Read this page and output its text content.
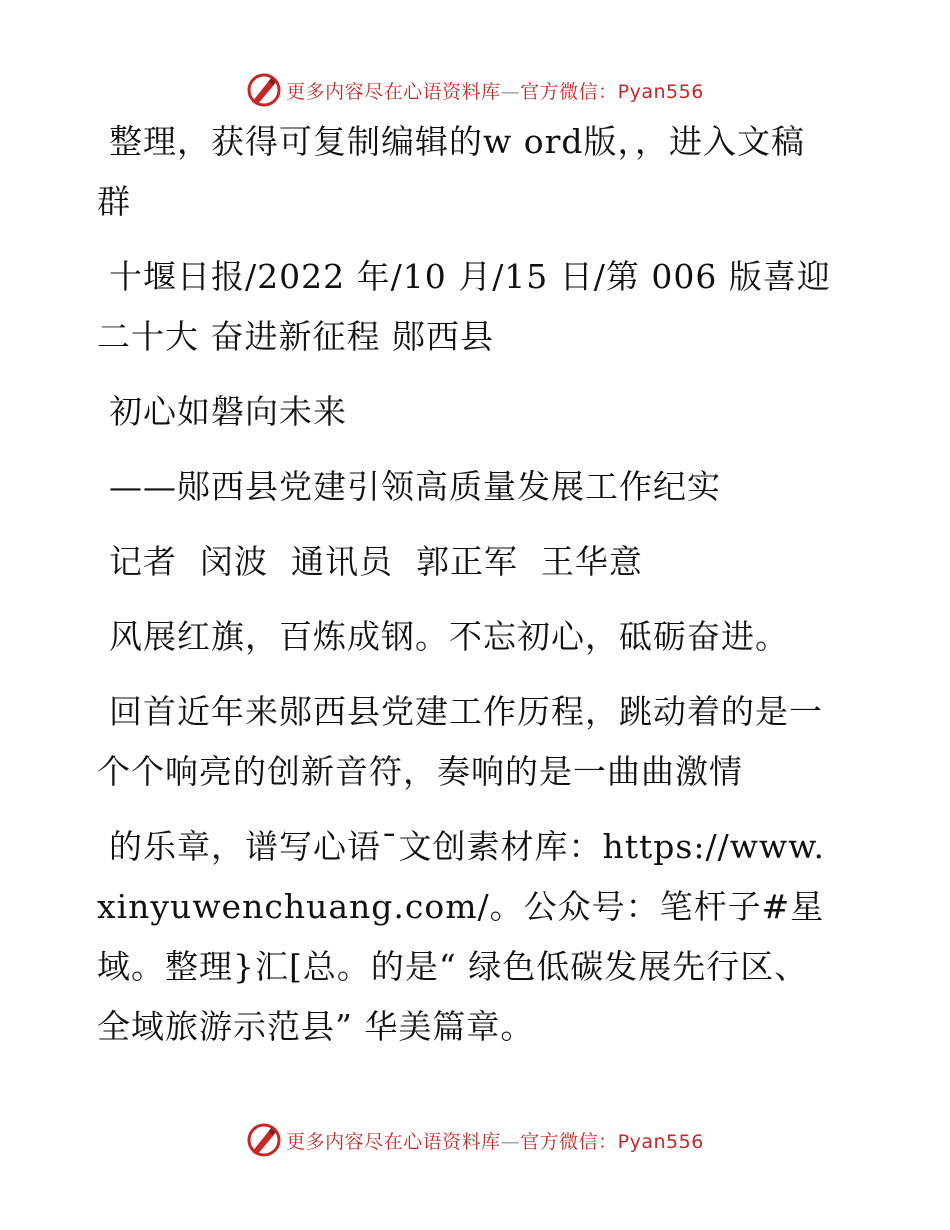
更多内容尽在心语资料库—官方微信：Pyan556

整理，获得可复制编辑的w ord版，，进入文稿群

十堰日报/2022 年/10 月/15 日/第 006 版喜迎二十大 奋进新征程 郧西县

初心如磐向未来

——郧西县党建引领高质量发展工作纪实

记者  闵波  通讯员  郭正军  王华意

风展红旗，百炼成钢。不忘初心，砥砺奋进。

回首近年来郧西县党建工作历程，跳动着的是一个个响亮的创新音符，奏响的是一曲曲激情

的乐章，谱写心语¯文创素材库：https://www.xinyuwenchuang.com/。公众号：笔杆子#星域。整理}汇[总。的是“ 绿色低碳发展先行区、全域旅游示范县” 华美篇章。

更多内容尽在心语资料库—官方微信：Pyan556
